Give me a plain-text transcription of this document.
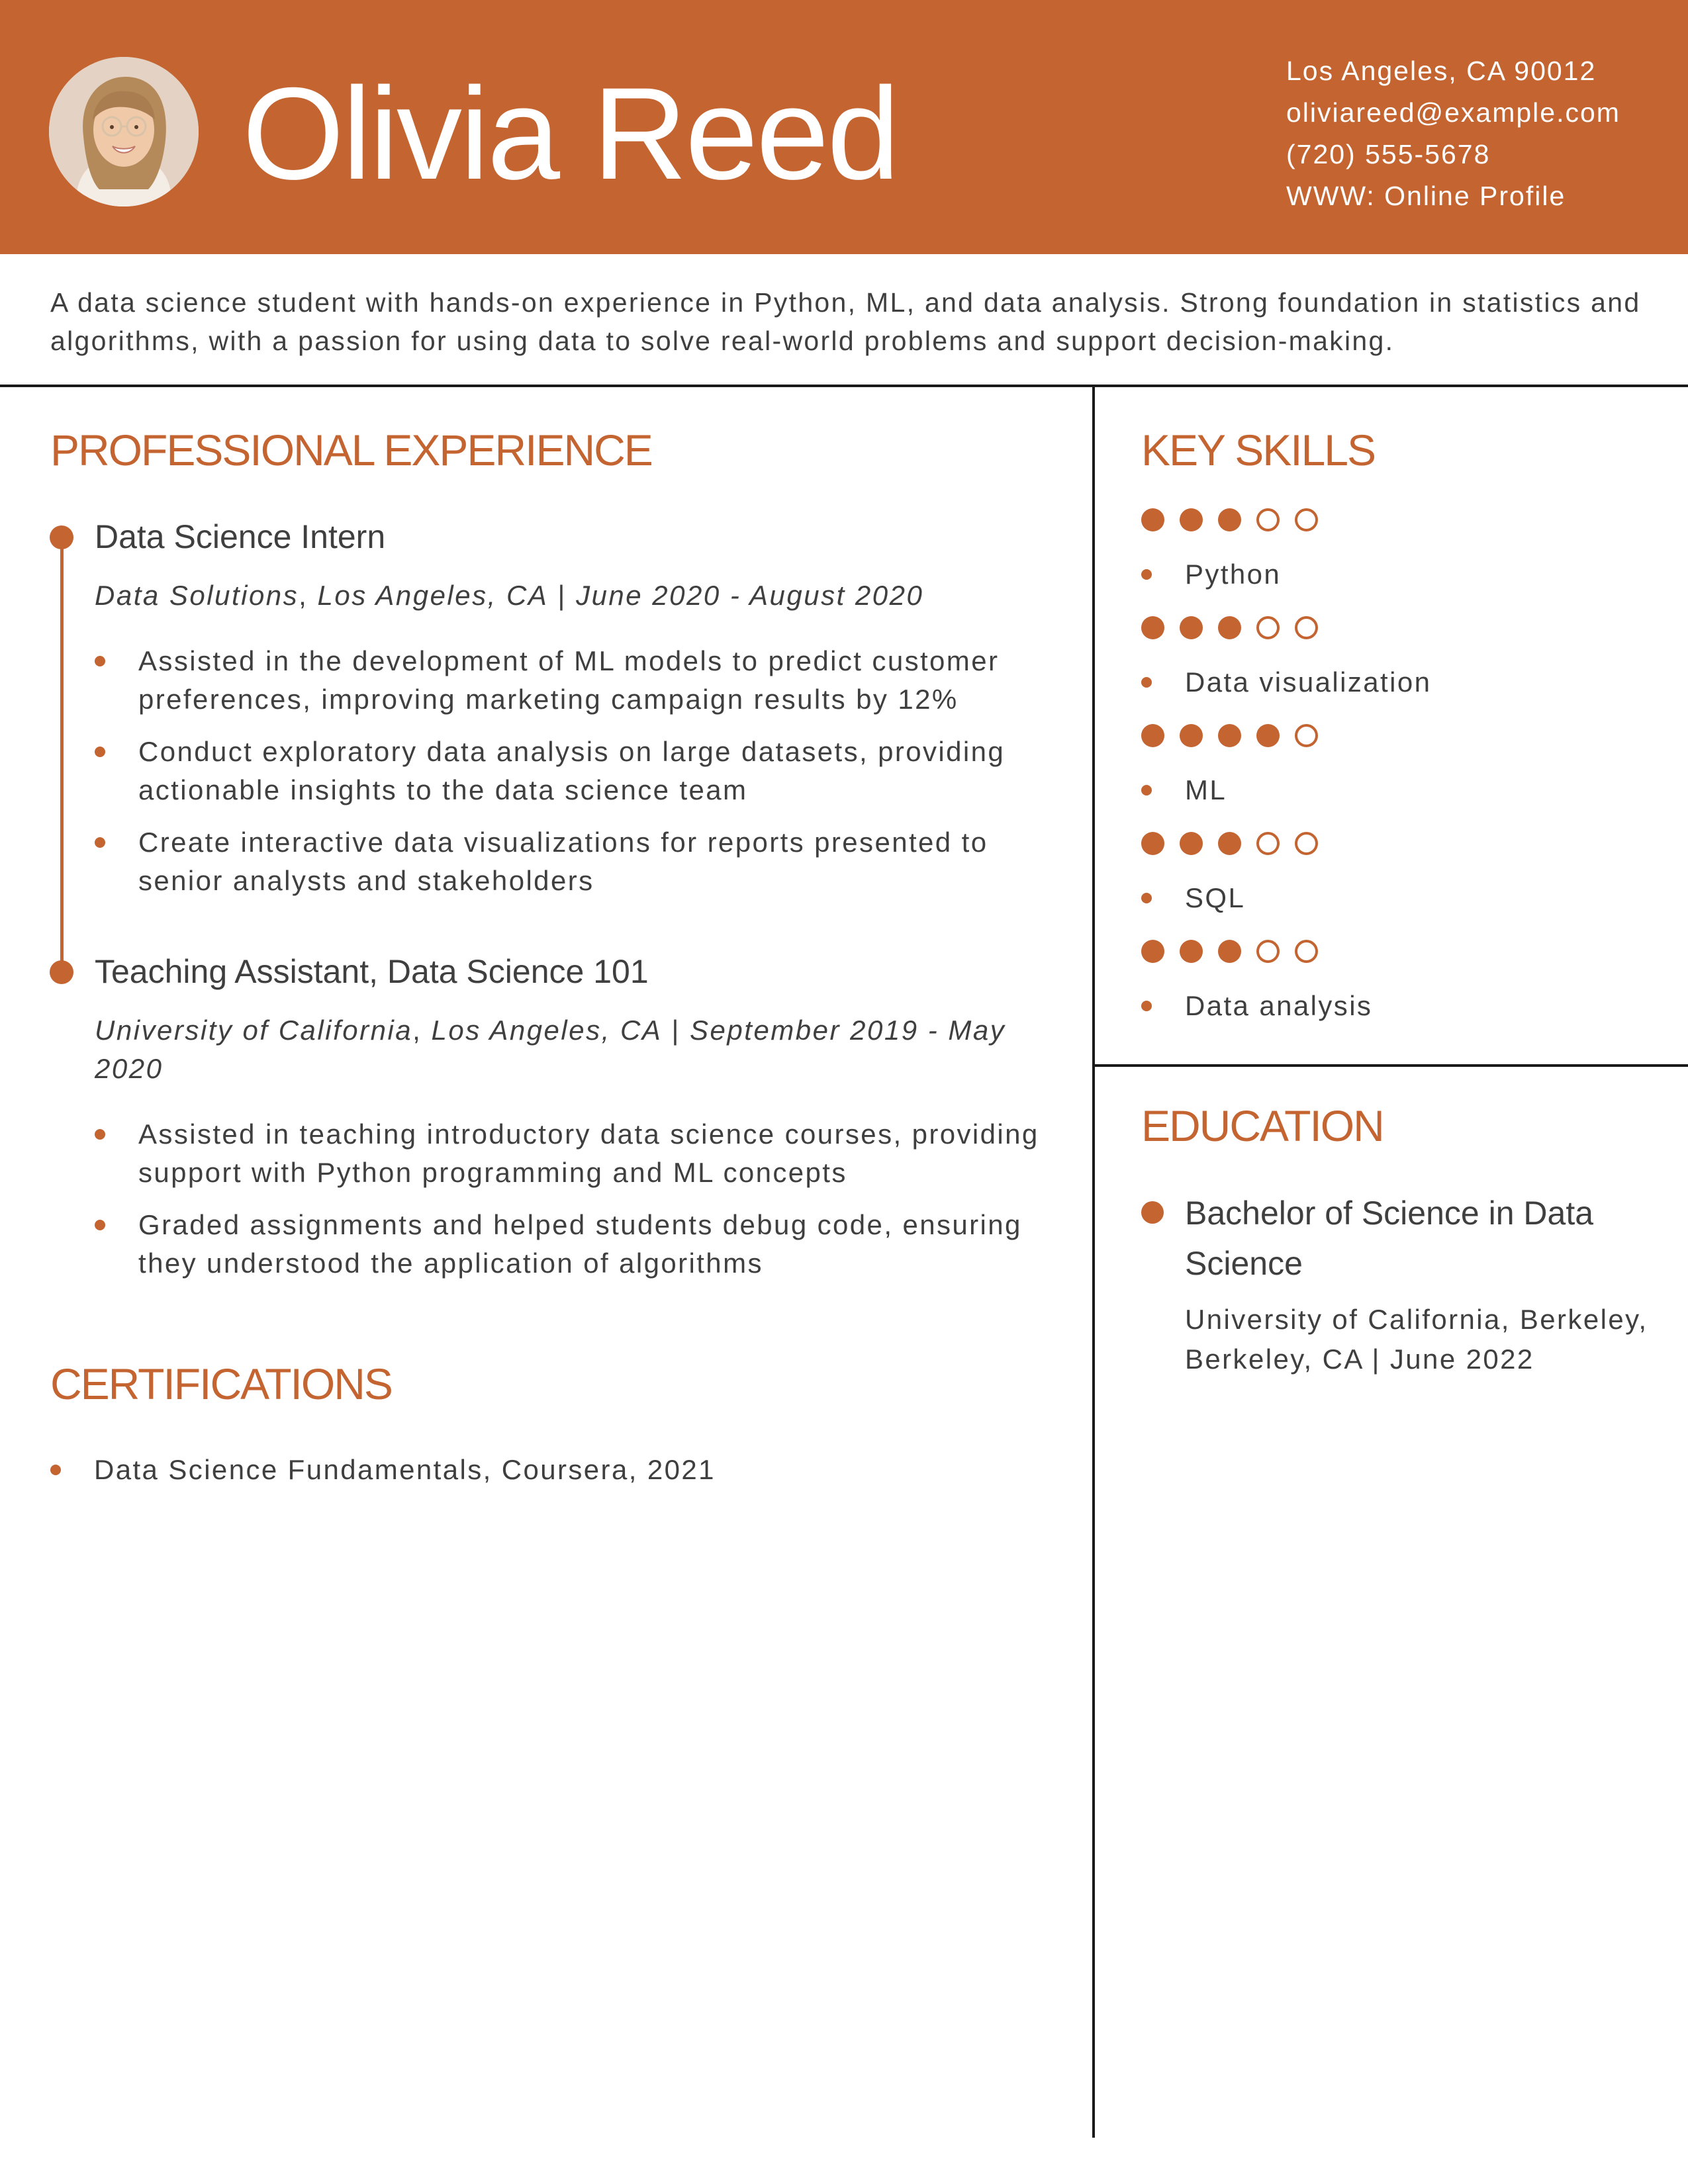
Olivia Reed	Los Angeles, CA 90012
oliviareed@example.com
(720) 555-5678
WWW: Online Profile
A data science student with hands-on experience in Python, ML, and data analysis. Strong foundation in statistics and algorithms, with a passion for using data to solve real-world problems and support decision-making.
PROFESSIONAL EXPERIENCE
Data Science Intern
Data Solutions, Los Angeles, CA | June 2020 - August 2020
Assisted in the development of ML models to predict customer preferences, improving marketing campaign results by 12%
Conduct exploratory data analysis on large datasets, providing actionable insights to the data science team
Create interactive data visualizations for reports presented to senior analysts and stakeholders
Teaching Assistant, Data Science 101
University of California, Los Angeles, CA | September 2019 - May 2020
Assisted in teaching introductory data science courses, providing support with Python programming and ML concepts
Graded assignments and helped students debug code, ensuring they understood the application of algorithms
CERTIFICATIONS
Data Science Fundamentals, Coursera, 2021
KEY SKILLS
Python
Data visualization
ML
SQL
Data analysis
EDUCATION
Bachelor of Science in Data Science
University of California, Berkeley, Berkeley, CA | June 2022
